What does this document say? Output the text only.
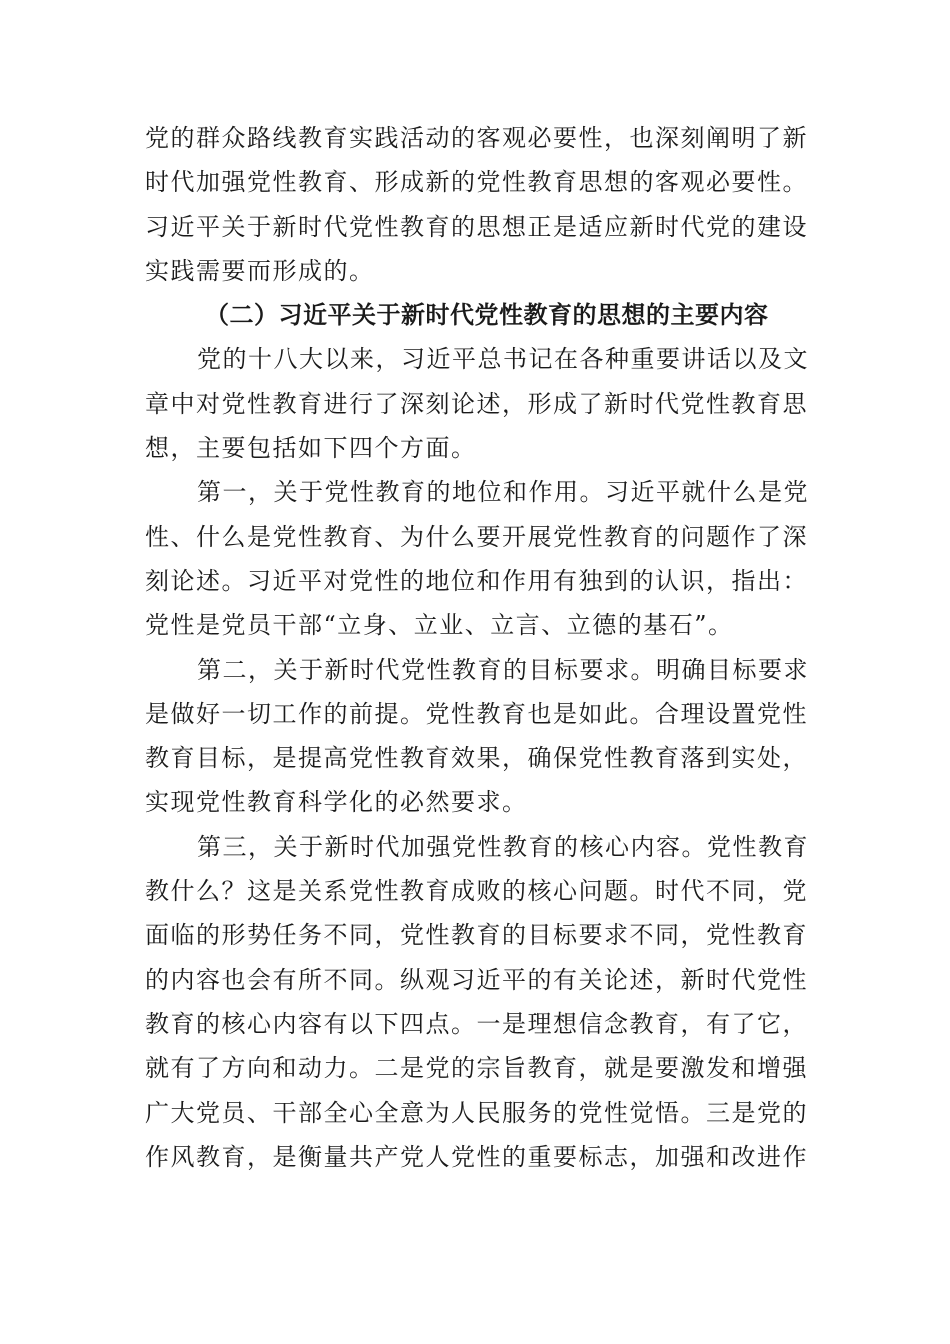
党的群众路线教育实践活动的客观必要性，也深刻阐明了新
时代加强党性教育、形成新的党性教育思想的客观必要性。
习近平关于新时代党性教育的思想正是适应新时代党的建设
实践需要而形成的。
（二）习近平关于新时代党性教育的思想的主要内容
党的十八大以来，习近平总书记在各种重要讲话以及文
章中对党性教育进行了深刻论述，形成了新时代党性教育思
想，主要包括如下四个方面。
第一，关于党性教育的地位和作用。习近平就什么是党
性、什么是党性教育、为什么要开展党性教育的问题作了深
刻论述。习近平对党性的地位和作用有独到的认识，指出：
党性是党员干部“立身、立业、立言、立德的基石”。
第二，关于新时代党性教育的目标要求。明确目标要求
是做好一切工作的前提。党性教育也是如此。合理设置党性
教育目标，是提高党性教育效果，确保党性教育落到实处，
实现党性教育科学化的必然要求。
第三，关于新时代加强党性教育的核心内容。党性教育
教什么？这是关系党性教育成败的核心问题。时代不同，党
面临的形势任务不同，党性教育的目标要求不同，党性教育
的内容也会有所不同。纵观习近平的有关论述，新时代党性
教育的核心内容有以下四点。一是理想信念教育，有了它，
就有了方向和动力。二是党的宗旨教育，就是要激发和增强
广大党员、干部全心全意为人民服务的党性觉悟。三是党的
作风教育，是衡量共产党人党性的重要标志，加强和改进作
